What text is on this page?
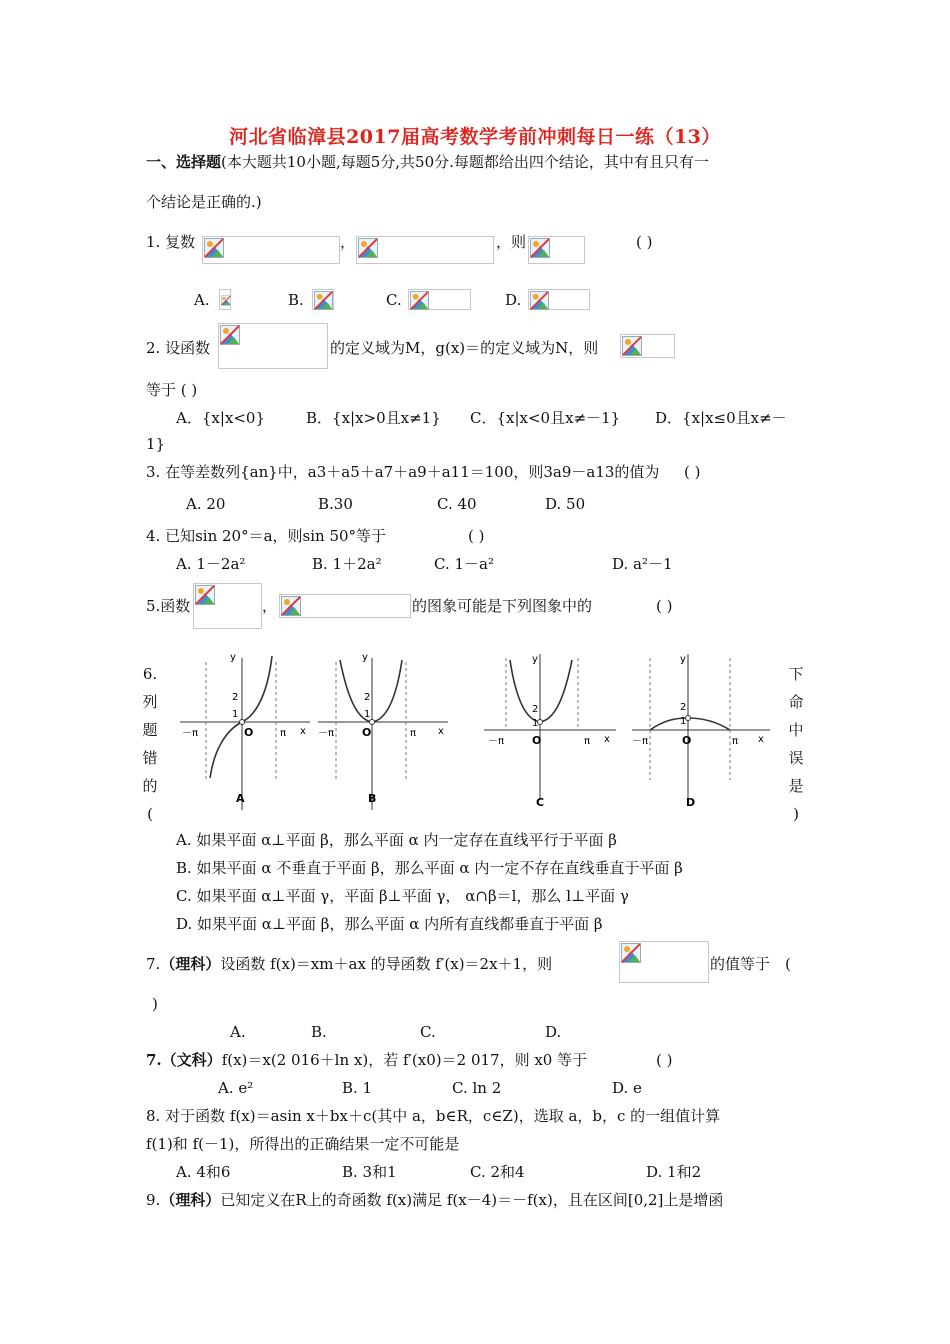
河北省临漳县2017届高考数学考前冲刺每日一练（13）
一、选择题(本大题共10小题,每题5分,共50分.每题都给出四个结论，其中有且只有一
个结论是正确的.)
1. 复数	，	，则	( )
A.	B.	C.	D.
2. 设函数	的定义域为M，g(x)＝的定义域为N，则
等于 ( )
A．{x|x<0}	B．{x|x>0且x≠1} C．{x|x<0且x≠－1} D．{x|x≤0且x≠－
1}
3. 在等差数列{an}中，a3＋a5＋a7＋a9＋a11＝100，则3a9－a13的值为 ( )
A. 20	B.30	C. 40	D. 50
4. 已知sin 20°＝a，则sin 50°等于	( )
A. 1－2a²	B. 1＋2a²	C. 1－a²	D. a²－1
5.函数	，	的图象可能是下列图象中的	( )
6.
列
题
错
的
(
下
命
中
误
是
)
y
x
2
1
O
－π	π
A
y
x
2
1
O
－π	π
B
y
x
2
1
O
－π	π
C
y
x
2
1
O
－π	π
D
A. 如果平面 α⊥平面 β，那么平面 α 内一定存在直线平行于平面 β
B. 如果平面 α 不垂直于平面 β，那么平面 α 内一定不存在直线垂直于平面 β
C. 如果平面 α⊥平面 γ，平面 β⊥平面 γ， α∩β＝l，那么 l⊥平面 γ
D. 如果平面 α⊥平面 β，那么平面 α 内所有直线都垂直于平面 β
7.（理科）设函数 f(x)＝xm＋ax 的导函数 f′(x)＝2x＋1，则	的值等于　(
)
A.	B.	C.	D.
7.（文科）f(x)＝x(2 016＋ln x)，若 f′(x0)＝2 017，则 x0 等于	( )
A. e²	B. 1	C. ln 2	D. e
8. 对于函数 f(x)＝asin x＋bx＋c(其中 a，b∈R，c∈Z)，选取 a，b，c 的一组值计算
f(1)和 f(－1)，所得出的正确结果一定不可能是
A. 4和6	B. 3和1	C. 2和4	D. 1和2
9.（理科）已知定义在R上的奇函数 f(x)满足 f(x－4)＝－f(x)，且在区间[0,2]上是增函
